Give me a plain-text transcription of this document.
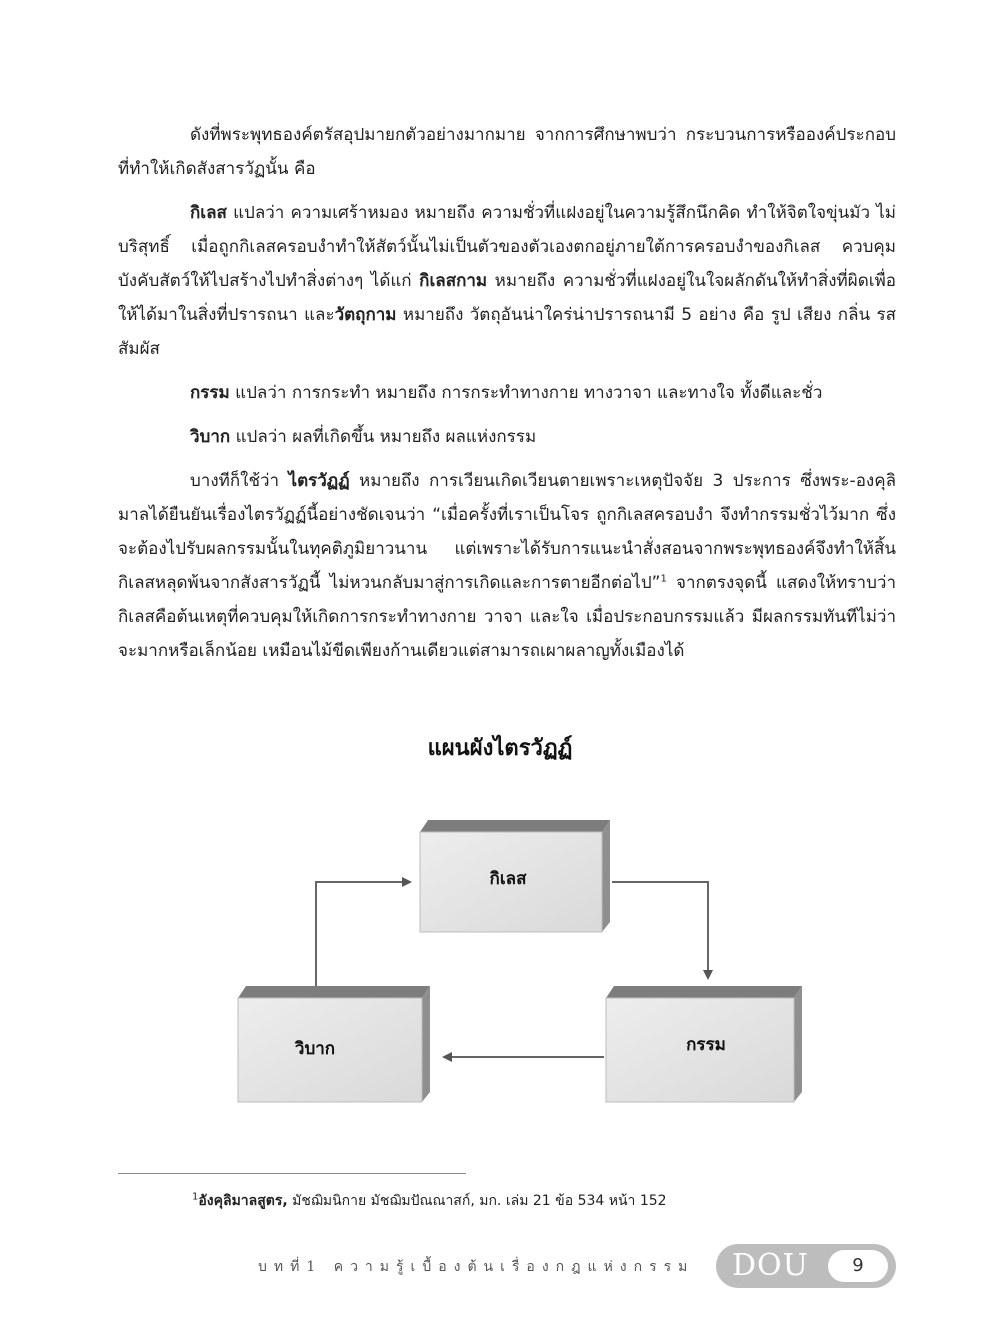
ดังที่พระพุทธองค์ตรัสอุปมายกตัวอย่างมากมาย จากการศึกษาพบว่า กระบวนการหรือองค์ประกอบที่ทำให้เกิดสังสารวัฏนั้น คือ

กิเลส แปลว่า ความเศร้าหมอง หมายถึง ความชั่วที่แฝงอยู่ในความรู้สึกนึกคิด ทำให้จิตใจขุ่นมัว ไม่บริสุทธิ์ เมื่อถูกกิเลสครอบงำทำให้สัตว์นั้นไม่เป็นตัวของตัวเองตกอยู่ภายใต้การครอบงำของกิเลส ควบคุมบังคับสัตว์ให้ไปสร้างไปทำสิ่งต่างๆ ได้แก่ กิเลสกาม หมายถึง ความชั่วที่แฝงอยู่ในใจผลักดันให้ทำสิ่งที่ผิดเพื่อให้ได้มาในสิ่งที่ปรารถนา และวัตถุกาม หมายถึง วัตถุอันน่าใคร่น่าปรารถนามี 5 อย่าง คือ รูป เสียง กลิ่น รส สัมผัส

กรรม แปลว่า การกระทำ หมายถึง การกระทำทางกาย ทางวาจา และทางใจ ทั้งดีและชั่ว

วิบาก แปลว่า ผลที่เกิดขึ้น หมายถึง ผลแห่งกรรม

บางทีก็ใช้ว่า ไตรวัฏฏ์ หมายถึง การเวียนเกิดเวียนตายเพราะเหตุปัจจัย 3 ประการ ซึ่งพระ-องคุลิมาลได้ยืนยันเรื่องไตรวัฏฏ์นี้อย่างชัดเจนว่า “เมื่อครั้งที่เราเป็นโจร ถูกกิเลสครอบงำ จึงทำกรรมชั่วไว้มาก ซึ่งจะต้องไปรับผลกรรมนั้นในทุคติภูมิยาวนาน แต่เพราะได้รับการแนะนำสั่งสอนจากพระพุทธองค์จึงทำให้สิ้นกิเลสหลุดพ้นจากสังสารวัฏนี้ ไม่หวนกลับมาสู่การเกิดและการตายอีกต่อไป”$^1$ จากตรงจุดนี้ แสดงให้ทราบว่า กิเลสคือต้นเหตุที่ควบคุมให้เกิดการกระทำทางกาย วาจา และใจ เมื่อประกอบกรรมแล้ว มีผลกรรมทันทีไม่ว่าจะมากหรือเล็กน้อย เหมือนไม้ขีดเพียงก้านเดียวแต่สามารถเผาผลาญทั้งเมืองได้

แผนผังไตรวัฏฏ์
กิเลส
กรรม
วิบาก
$^1$อังคุลิมาลสูตร, มัชฌิมนิกาย มัชฌิมปัณณาสก์, มก. เล่ม 21 ข้อ 534 หน้า 152
บทที่1 ความรู้เบื้องต้นเรื่องกฎแห่งกรรม DOU	9
